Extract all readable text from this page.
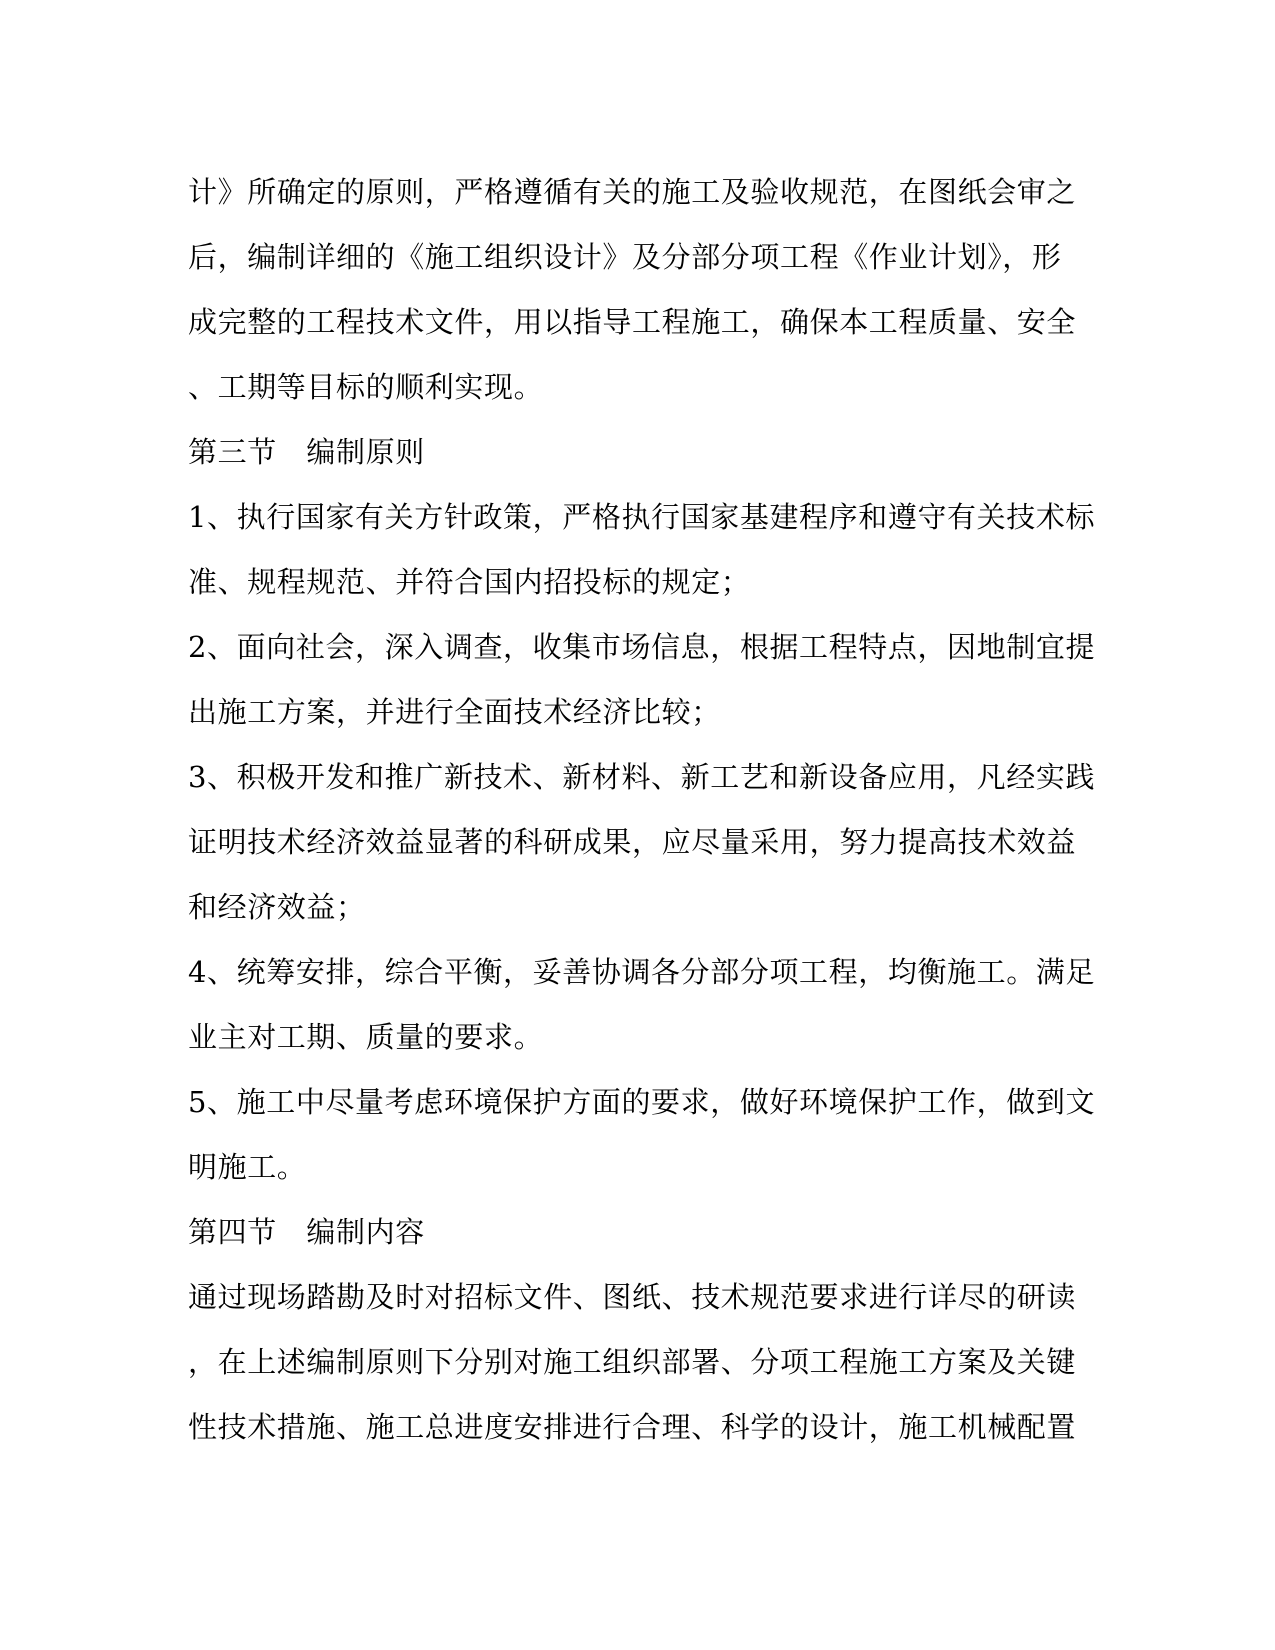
计》所确定的原则，严格遵循有关的施工及验收规范，在图纸会审之
后，编制详细的《施工组织设计》及分部分项工程《作业计划》，形
成完整的工程技术文件，用以指导工程施工，确保本工程质量、安全
、工期等目标的顺利实现。
第三节　编制原则
1、执行国家有关方针政策，严格执行国家基建程序和遵守有关技术标
准、规程规范、并符合国内招投标的规定；
2、面向社会，深入调查，收集市场信息，根据工程特点，因地制宜提
出施工方案，并进行全面技术经济比较；
3、积极开发和推广新技术、新材料、新工艺和新设备应用，凡经实践
证明技术经济效益显著的科研成果，应尽量采用，努力提高技术效益
和经济效益；
4、统筹安排，综合平衡，妥善协调各分部分项工程，均衡施工。满足
业主对工期、质量的要求。
5、施工中尽量考虑环境保护方面的要求，做好环境保护工作，做到文
明施工。
第四节　编制内容
通过现场踏勘及时对招标文件、图纸、技术规范要求进行详尽的研读
，在上述编制原则下分别对施工组织部署、分项工程施工方案及关键
性技术措施、施工总进度安排进行合理、科学的设计，施工机械配置
